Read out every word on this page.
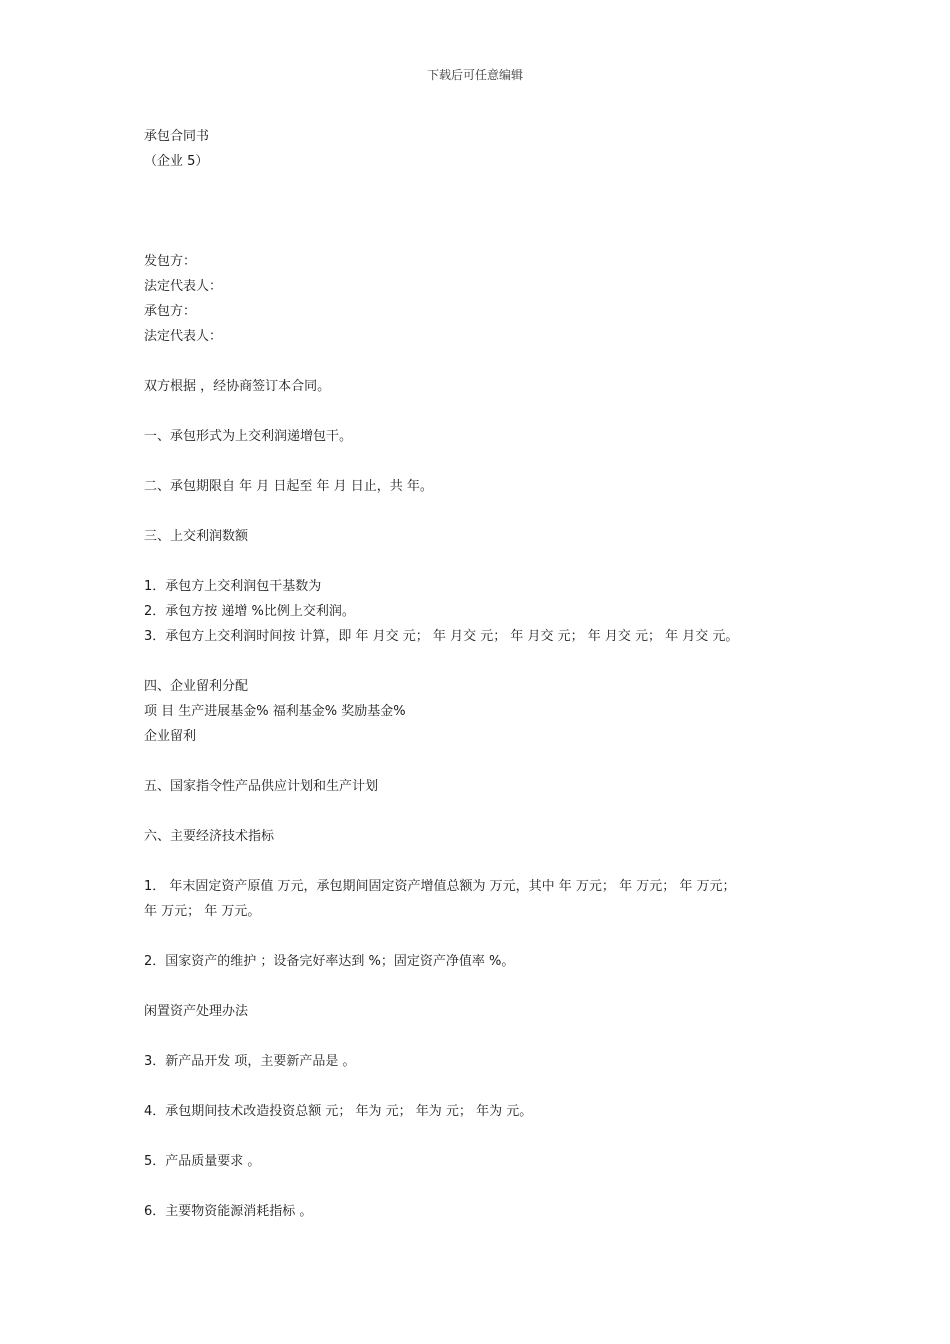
下载后可任意编辑
承包合同书
（企业 5）
发包方：
法定代表人：
承包方：
法定代表人：
双方根据 ，经协商签订本合同。
一、承包形式为上交利润递增包干。
二、承包期限自 年 月 日起至 年 月 日止，共 年。
三、上交利润数额
1．承包方上交利润包干基数为
2．承包方按 递增 %比例上交利润。
3．承包方上交利润时间按 计算，即 年 月交 元； 年 月交 元； 年 月交 元； 年 月交 元； 年 月交 元。
四、企业留利分配
项 目 生产进展基金% 福利基金% 奖励基金%
企业留利
五、国家指令性产品供应计划和生产计划
六、主要经济技术指标
1． 年末固定资产原值 万元，承包期间固定资产增值总额为 万元，其中 年 万元； 年 万元； 年 万元；
年 万元； 年 万元。
2．国家资产的维护 ；设备完好率达到 %；固定资产净值率 %。
闲置资产处理办法
3．新产品开发 项，主要新产品是 。
4．承包期间技术改造投资总额 元； 年为 元； 年为 元； 年为 元。
5．产品质量要求 。
6．主要物资能源消耗指标 。
